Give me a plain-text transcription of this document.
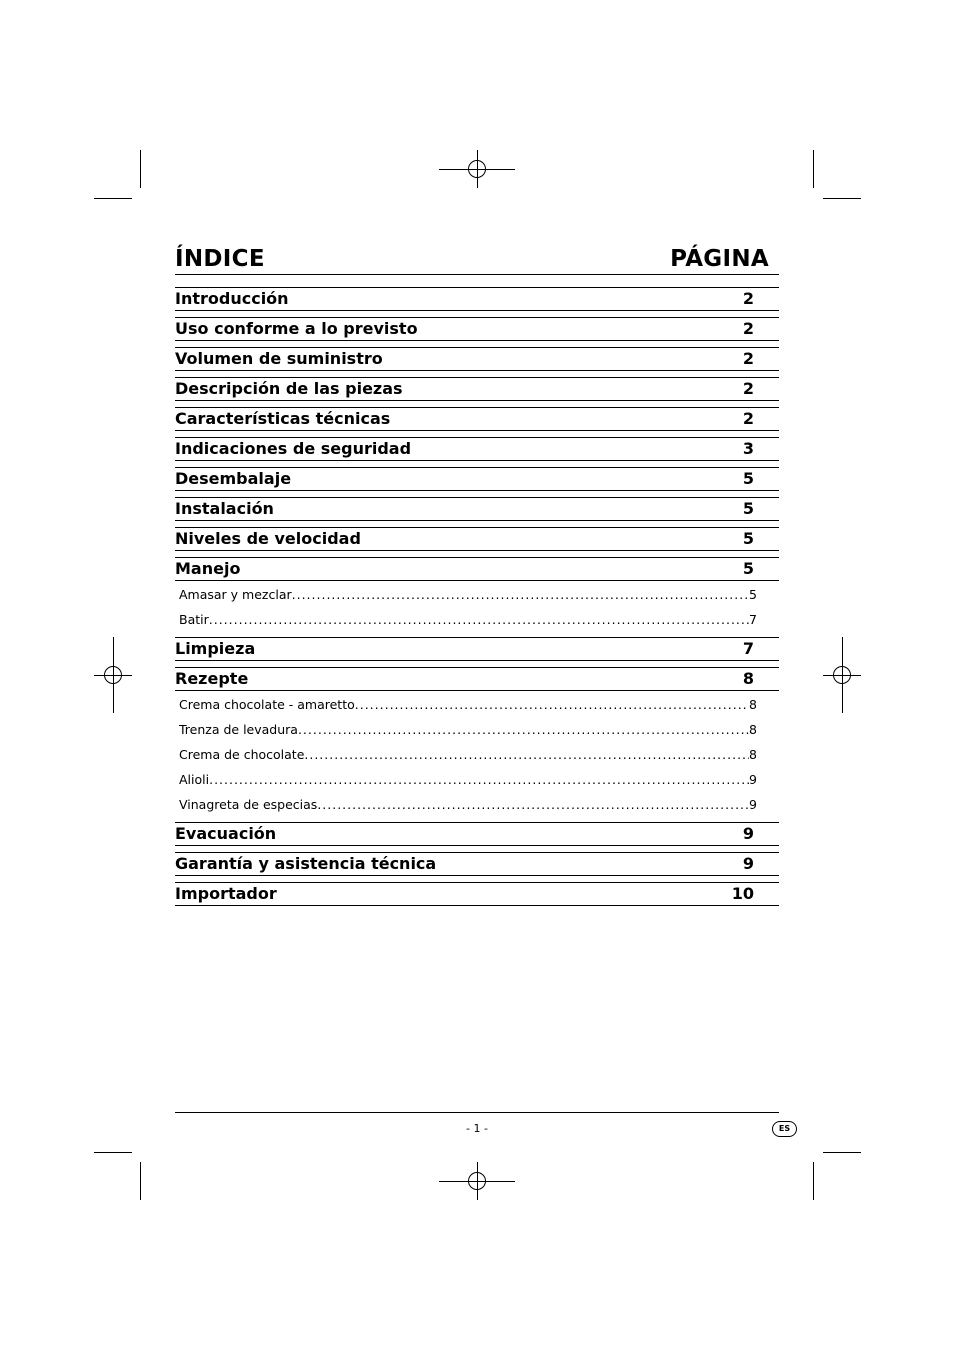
ÍNDICE	PÁGINA
Introducción	2
Uso conforme a lo previsto	2
Volumen de suministro	2
Descripción de las piezas	2
Características técnicas	2
Indicaciones de seguridad	3
Desembalaje	5
Instalación	5
Niveles de velocidad	5
Manejo	5
Amasar y mezclar .....	5
Batir .....	7
Limpieza	7
Rezepte	8
Crema chocolate - amaretto .....	8
Trenza de levadura .....	8
Crema de chocolate .....	8
Alioli .....	9
Vinagreta de especias .....	9
Evacuación	9
Garantía y asistencia técnica	9
Importador	10
- 1 -	ES
